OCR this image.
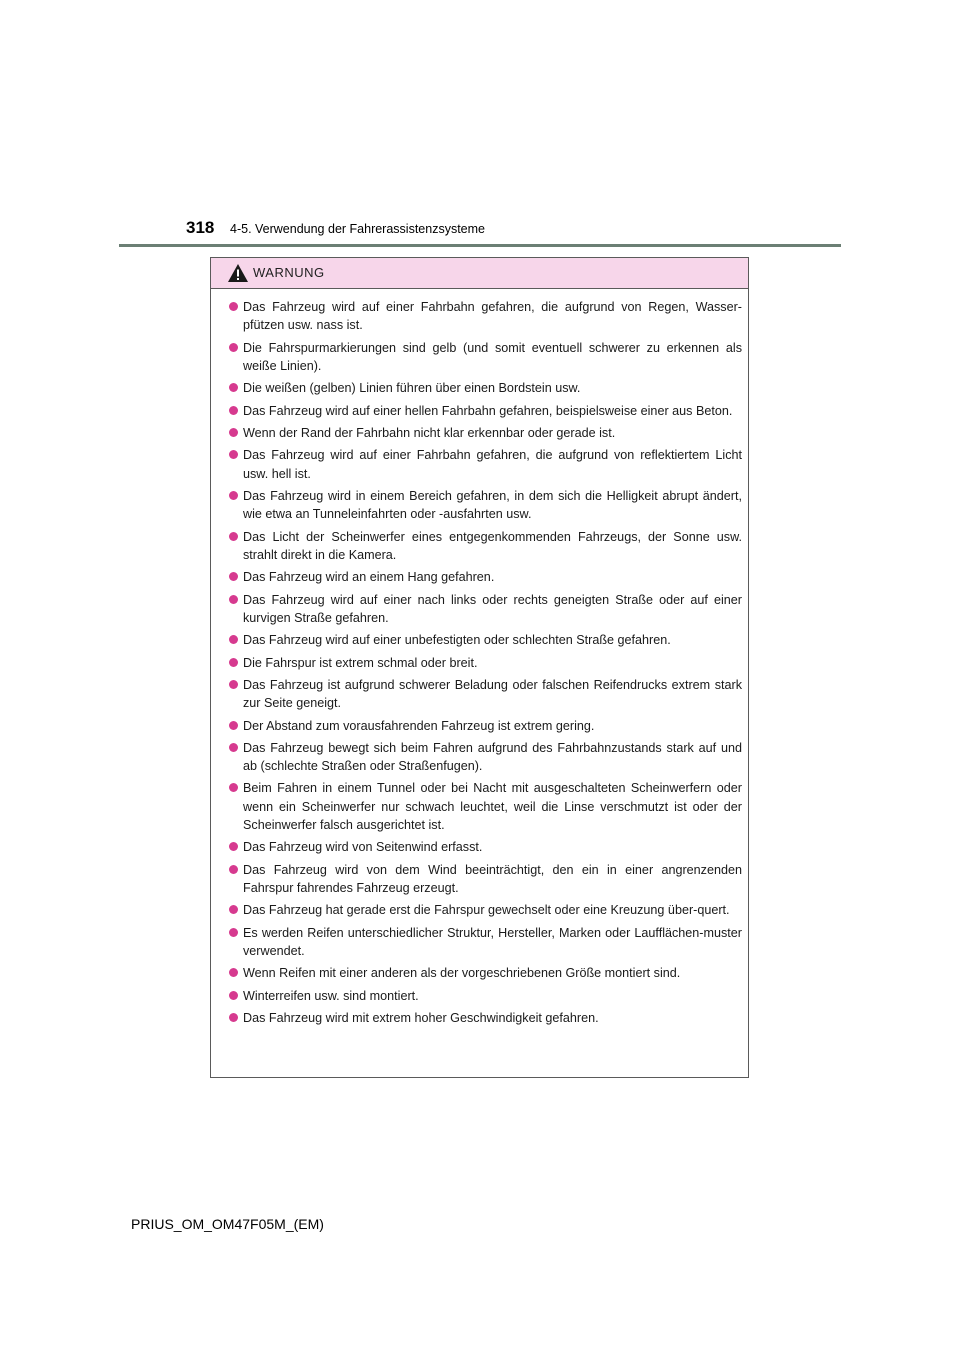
318 4-5. Verwendung der Fahrerassistenzsysteme
WARNUNG
Das Fahrzeug wird auf einer Fahrbahn gefahren, die aufgrund von Regen, Wasser-pfützen usw. nass ist.
Die Fahrspurmarkierungen sind gelb (und somit eventuell schwerer zu erkennen als weiße Linien).
Die weißen (gelben) Linien führen über einen Bordstein usw.
Das Fahrzeug wird auf einer hellen Fahrbahn gefahren, beispielsweise einer aus Beton.
Wenn der Rand der Fahrbahn nicht klar erkennbar oder gerade ist.
Das Fahrzeug wird auf einer Fahrbahn gefahren, die aufgrund von reflektiertem Licht usw. hell ist.
Das Fahrzeug wird in einem Bereich gefahren, in dem sich die Helligkeit abrupt ändert, wie etwa an Tunneleinfahrten oder -ausfahrten usw.
Das Licht der Scheinwerfer eines entgegenkommenden Fahrzeugs, der Sonne usw. strahlt direkt in die Kamera.
Das Fahrzeug wird an einem Hang gefahren.
Das Fahrzeug wird auf einer nach links oder rechts geneigten Straße oder auf einer kurvigen Straße gefahren.
Das Fahrzeug wird auf einer unbefestigten oder schlechten Straße gefahren.
Die Fahrspur ist extrem schmal oder breit.
Das Fahrzeug ist aufgrund schwerer Beladung oder falschen Reifendrucks extrem stark zur Seite geneigt.
Der Abstand zum vorausfahrenden Fahrzeug ist extrem gering.
Das Fahrzeug bewegt sich beim Fahren aufgrund des Fahrbahnzustands stark auf und ab (schlechte Straßen oder Straßenfugen).
Beim Fahren in einem Tunnel oder bei Nacht mit ausgeschalteten Scheinwerfern oder wenn ein Scheinwerfer nur schwach leuchtet, weil die Linse verschmutzt ist oder der Scheinwerfer falsch ausgerichtet ist.
Das Fahrzeug wird von Seitenwind erfasst.
Das Fahrzeug wird von dem Wind beeinträchtigt, den ein in einer angrenzenden Fahrspur fahrendes Fahrzeug erzeugt.
Das Fahrzeug hat gerade erst die Fahrspur gewechselt oder eine Kreuzung über-quert.
Es werden Reifen unterschiedlicher Struktur, Hersteller, Marken oder Laufflächen-muster verwendet.
Wenn Reifen mit einer anderen als der vorgeschriebenen Größe montiert sind.
Winterreifen usw. sind montiert.
Das Fahrzeug wird mit extrem hoher Geschwindigkeit gefahren.
PRIUS_OM_OM47F05M_(EM)
